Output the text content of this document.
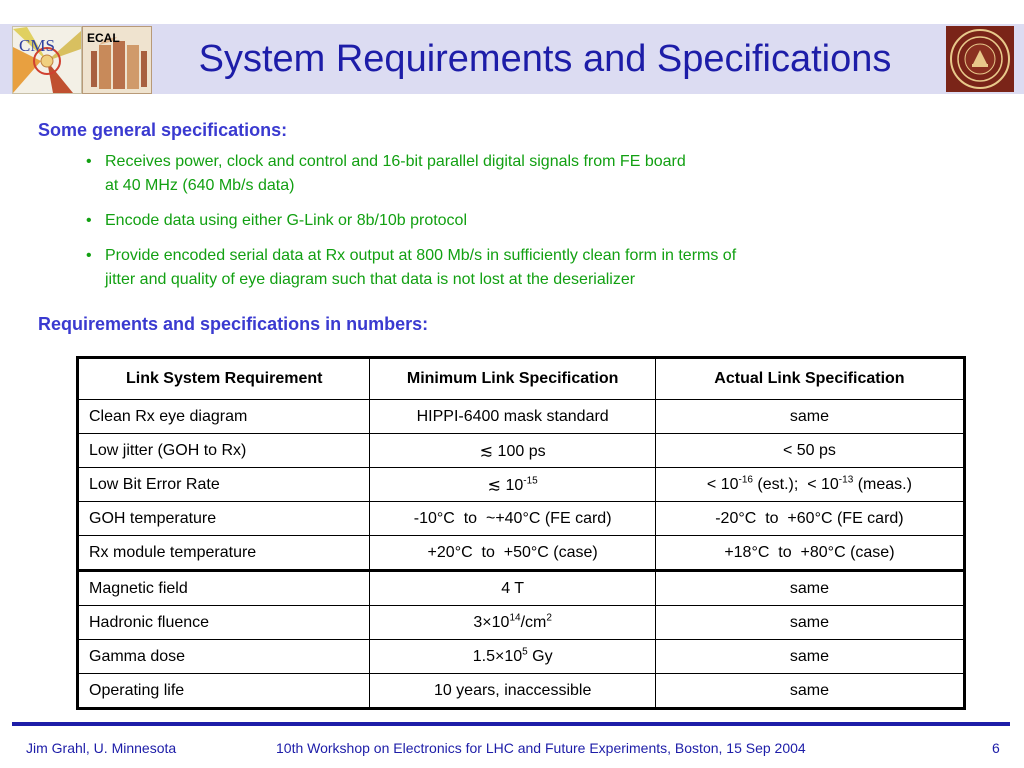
CMS	ECAL	System Requirements and Specifications
Some general specifications:
• Receives power, clock and control and 16-bit parallel digital signals from FE board
at 40 MHz (640 Mb/s data)
• Encode data using either G-Link or 8b/10b protocol
• Provide encoded serial data at Rx output at 800 Mb/s in sufficiently clean form in terms of
jitter and quality of eye diagram such that data is not lost at the deserializer
Requirements and specifications in numbers:
Link System Requirement	Minimum Link Specification	Actual Link Specification
Clean Rx eye diagram	HIPPI-6400 mask standard	same
Low jitter (GOH to Rx)	≲ 100 ps	< 50 ps
Low Bit Error Rate	≲ $10^{-15}$	< $10^{-16}$ (est.);  < $10^{-13}$ (meas.)
GOH temperature	-10°C  to  ~+40°C (FE card)	-20°C  to  +60°C (FE card)
Rx module temperature	+20°C  to  +50°C (case)	+18°C  to  +80°C (case)
Magnetic field	4 T	same
Hadronic fluence	$3\times 10^{14}/cm^2$	same
Gamma dose	$1.5\times 10^5$ Gy	same
Operating life	10 years, inaccessible	same
Jim Grahl, U. Minnesota	10th Workshop on Electronics for LHC and Future Experiments, Boston, 15 Sep 2004	6
